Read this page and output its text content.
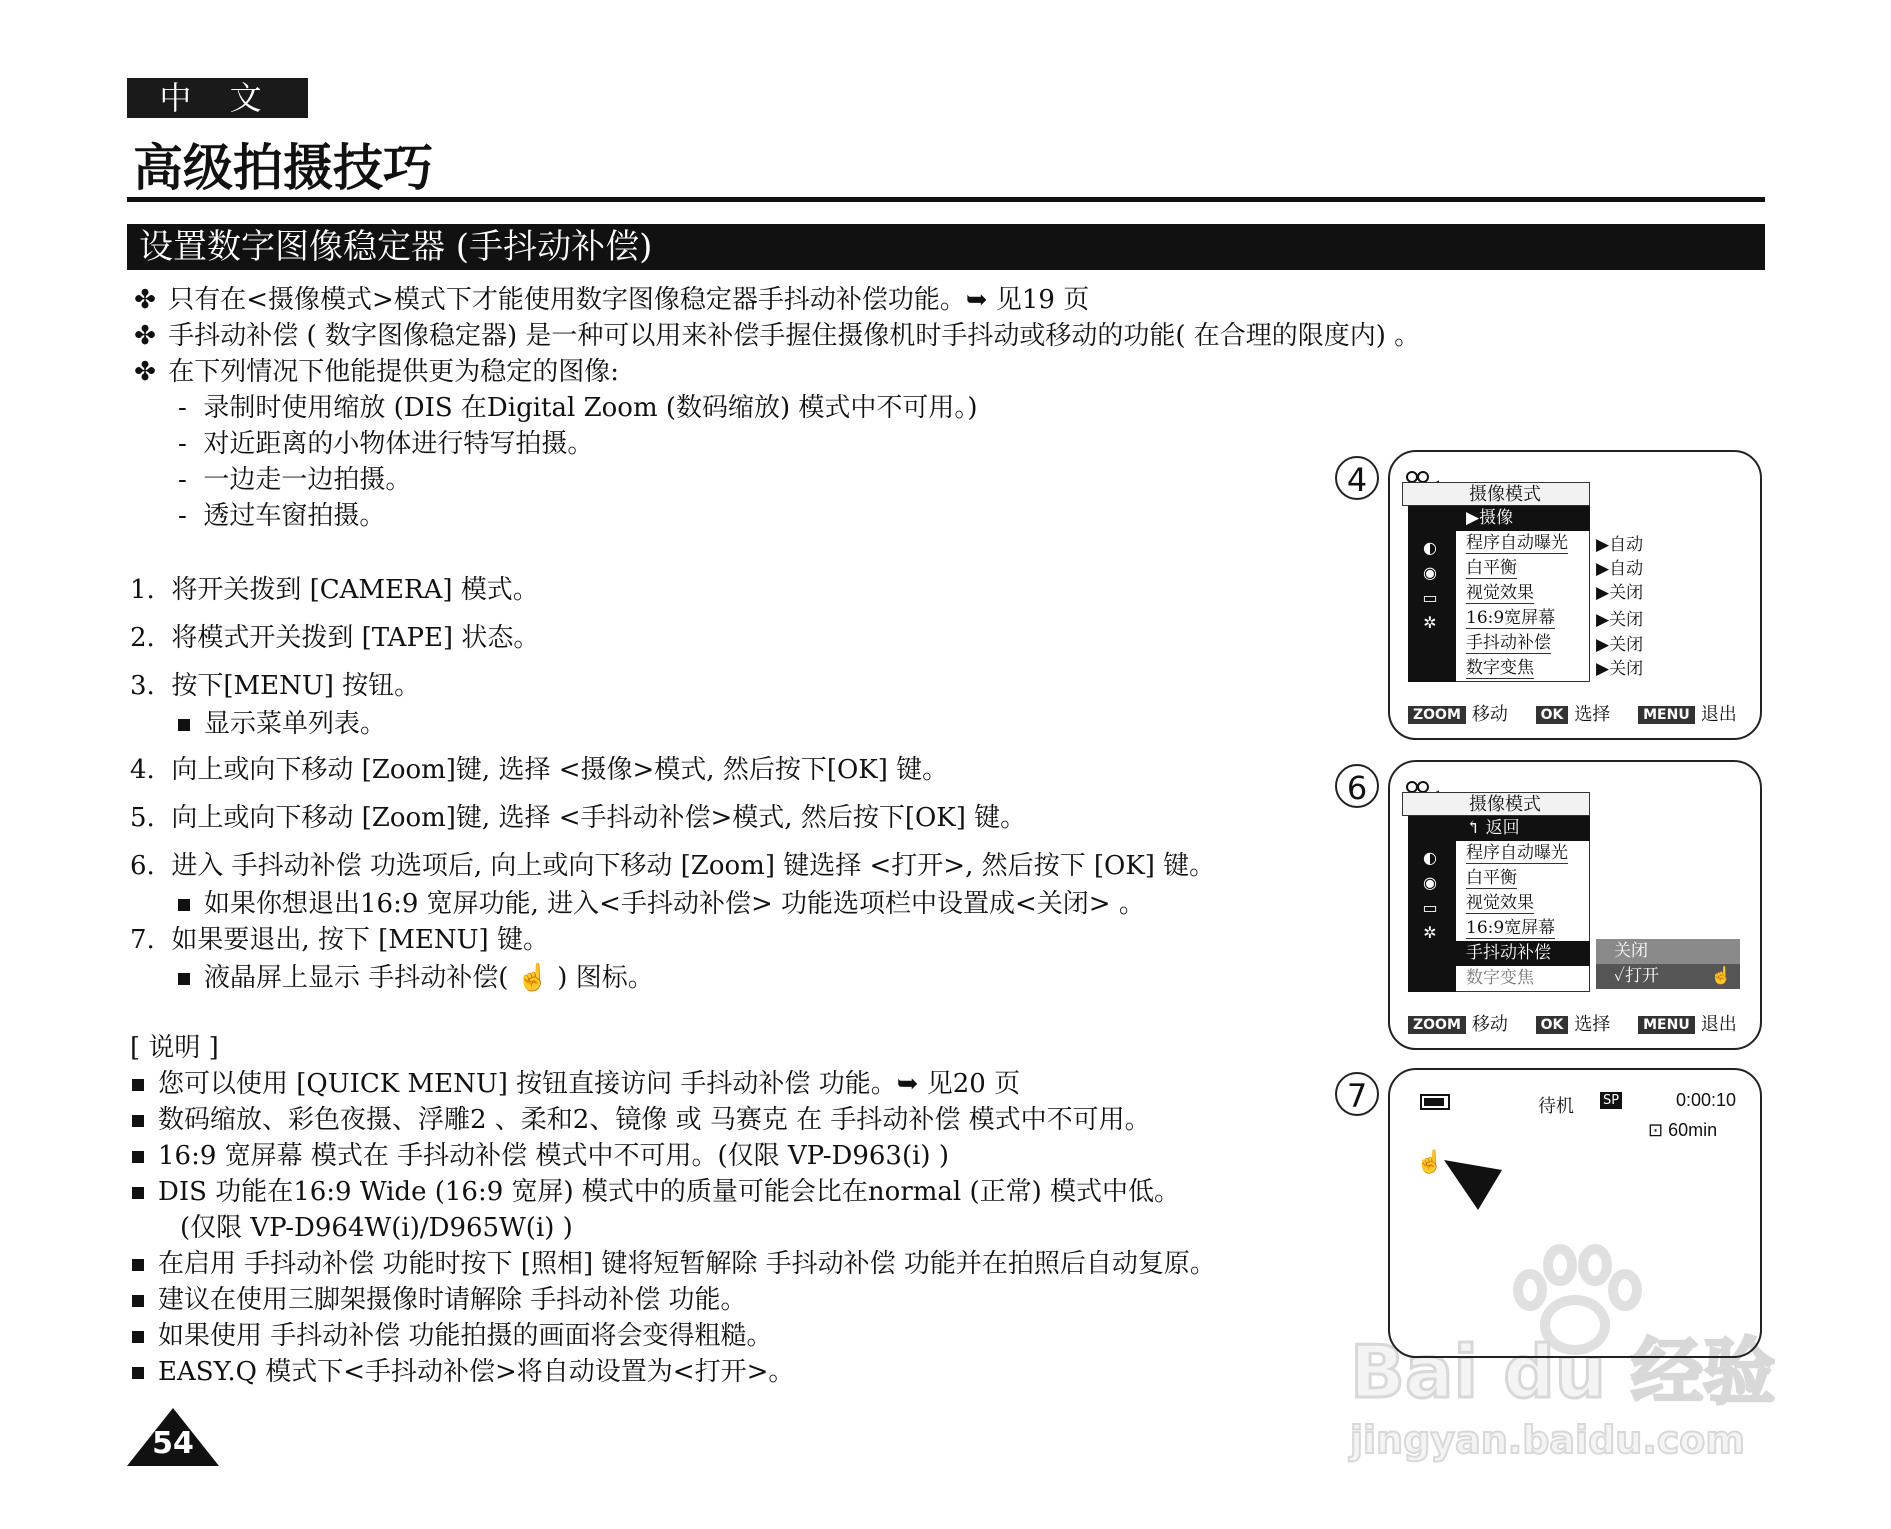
中 文
高级拍摄技巧
设置数字图像稳定器 (手抖动补偿)
✤ 只有在<摄像模式>模式下才能使用数字图像稳定器手抖动补偿功能。➥ 见19 页
✤ 手抖动补偿 ( 数字图像稳定器) 是一种可以用来补偿手握住摄像机时手抖动或移动的功能( 在合理的限度内) 。
✤ 在下列情况下他能提供更为稳定的图像:
-  录制时使用缩放 (DIS 在Digital Zoom (数码缩放) 模式中不可用。)
-  对近距离的小物体进行特写拍摄。
-  一边走一边拍摄。
-  透过车窗拍摄。
1. 将开关拨到 [CAMERA] 模式。
2. 将模式开关拨到 [TAPE] 状态。
3. 按下[MENU] 按钮。
显示菜单列表。
4. 向上或向下移动 [Zoom]键, 选择 <摄像>模式, 然后按下[OK] 键。
5. 向上或向下移动 [Zoom]键, 选择 <手抖动补偿>模式, 然后按下[OK] 键。
6. 进入 手抖动补偿 功选项后, 向上或向下移动 [Zoom] 键选择 <打开>, 然后按下 [OK] 键。
如果你想退出16:9 宽屏功能, 进入<手抖动补偿> 功能选项栏中设置成<关闭> 。
7. 如果要退出, 按下 [MENU] 键。
液晶屏上显示 手抖动补偿( ☝ ) 图标。
[ 说明 ]
您可以使用 [QUICK MENU] 按钮直接访问 手抖动补偿 功能。➥ 见20 页
数码缩放、彩色夜摄、浮雕2 、柔和2、镜像 或 马赛克 在 手抖动补偿 模式中不可用。
16:9 宽屏幕 模式在 手抖动补偿 模式中不可用。(仅限 VP-D963(i) )
DIS 功能在16:9 Wide (16:9 宽屏) 模式中的质量可能会比在normal (正常) 模式中低。
(仅限 VP-D964W(i)/D965W(i) )
在启用 手抖动补偿 功能时按下 [照相] 键将短暂解除 手抖动补偿 功能并在拍照后自动复原。
建议在使用三脚架摄像时请解除 手抖动补偿 功能。
如果使用 手抖动补偿 功能拍摄的画面将会变得粗糙。
EASY.Q 模式下<手抖动补偿>将自动设置为<打开>。
54
Bai du 经验
jingyan.baidu.com
4	摄像模式
◐
◉
▭
✲
▶摄像
程序自动曝光
白平衡
视觉效果
16:9宽屏幕
手抖动补偿
数字变焦
▶自动
▶自动
▶关闭
▶关闭
▶关闭
▶关闭
ZOOM 移动 OK 选择 MENU 退出
6	摄像模式
◐
◉
▭
✲
↰ 返回
程序自动曝光
白平衡
视觉效果
16:9宽屏幕
手抖动补偿
数字变焦
关闭
✓打开	☝
ZOOM 移动 OK 选择 MENU 退出
7	待机 SP	0:00:10
⊡ 60min
☝
